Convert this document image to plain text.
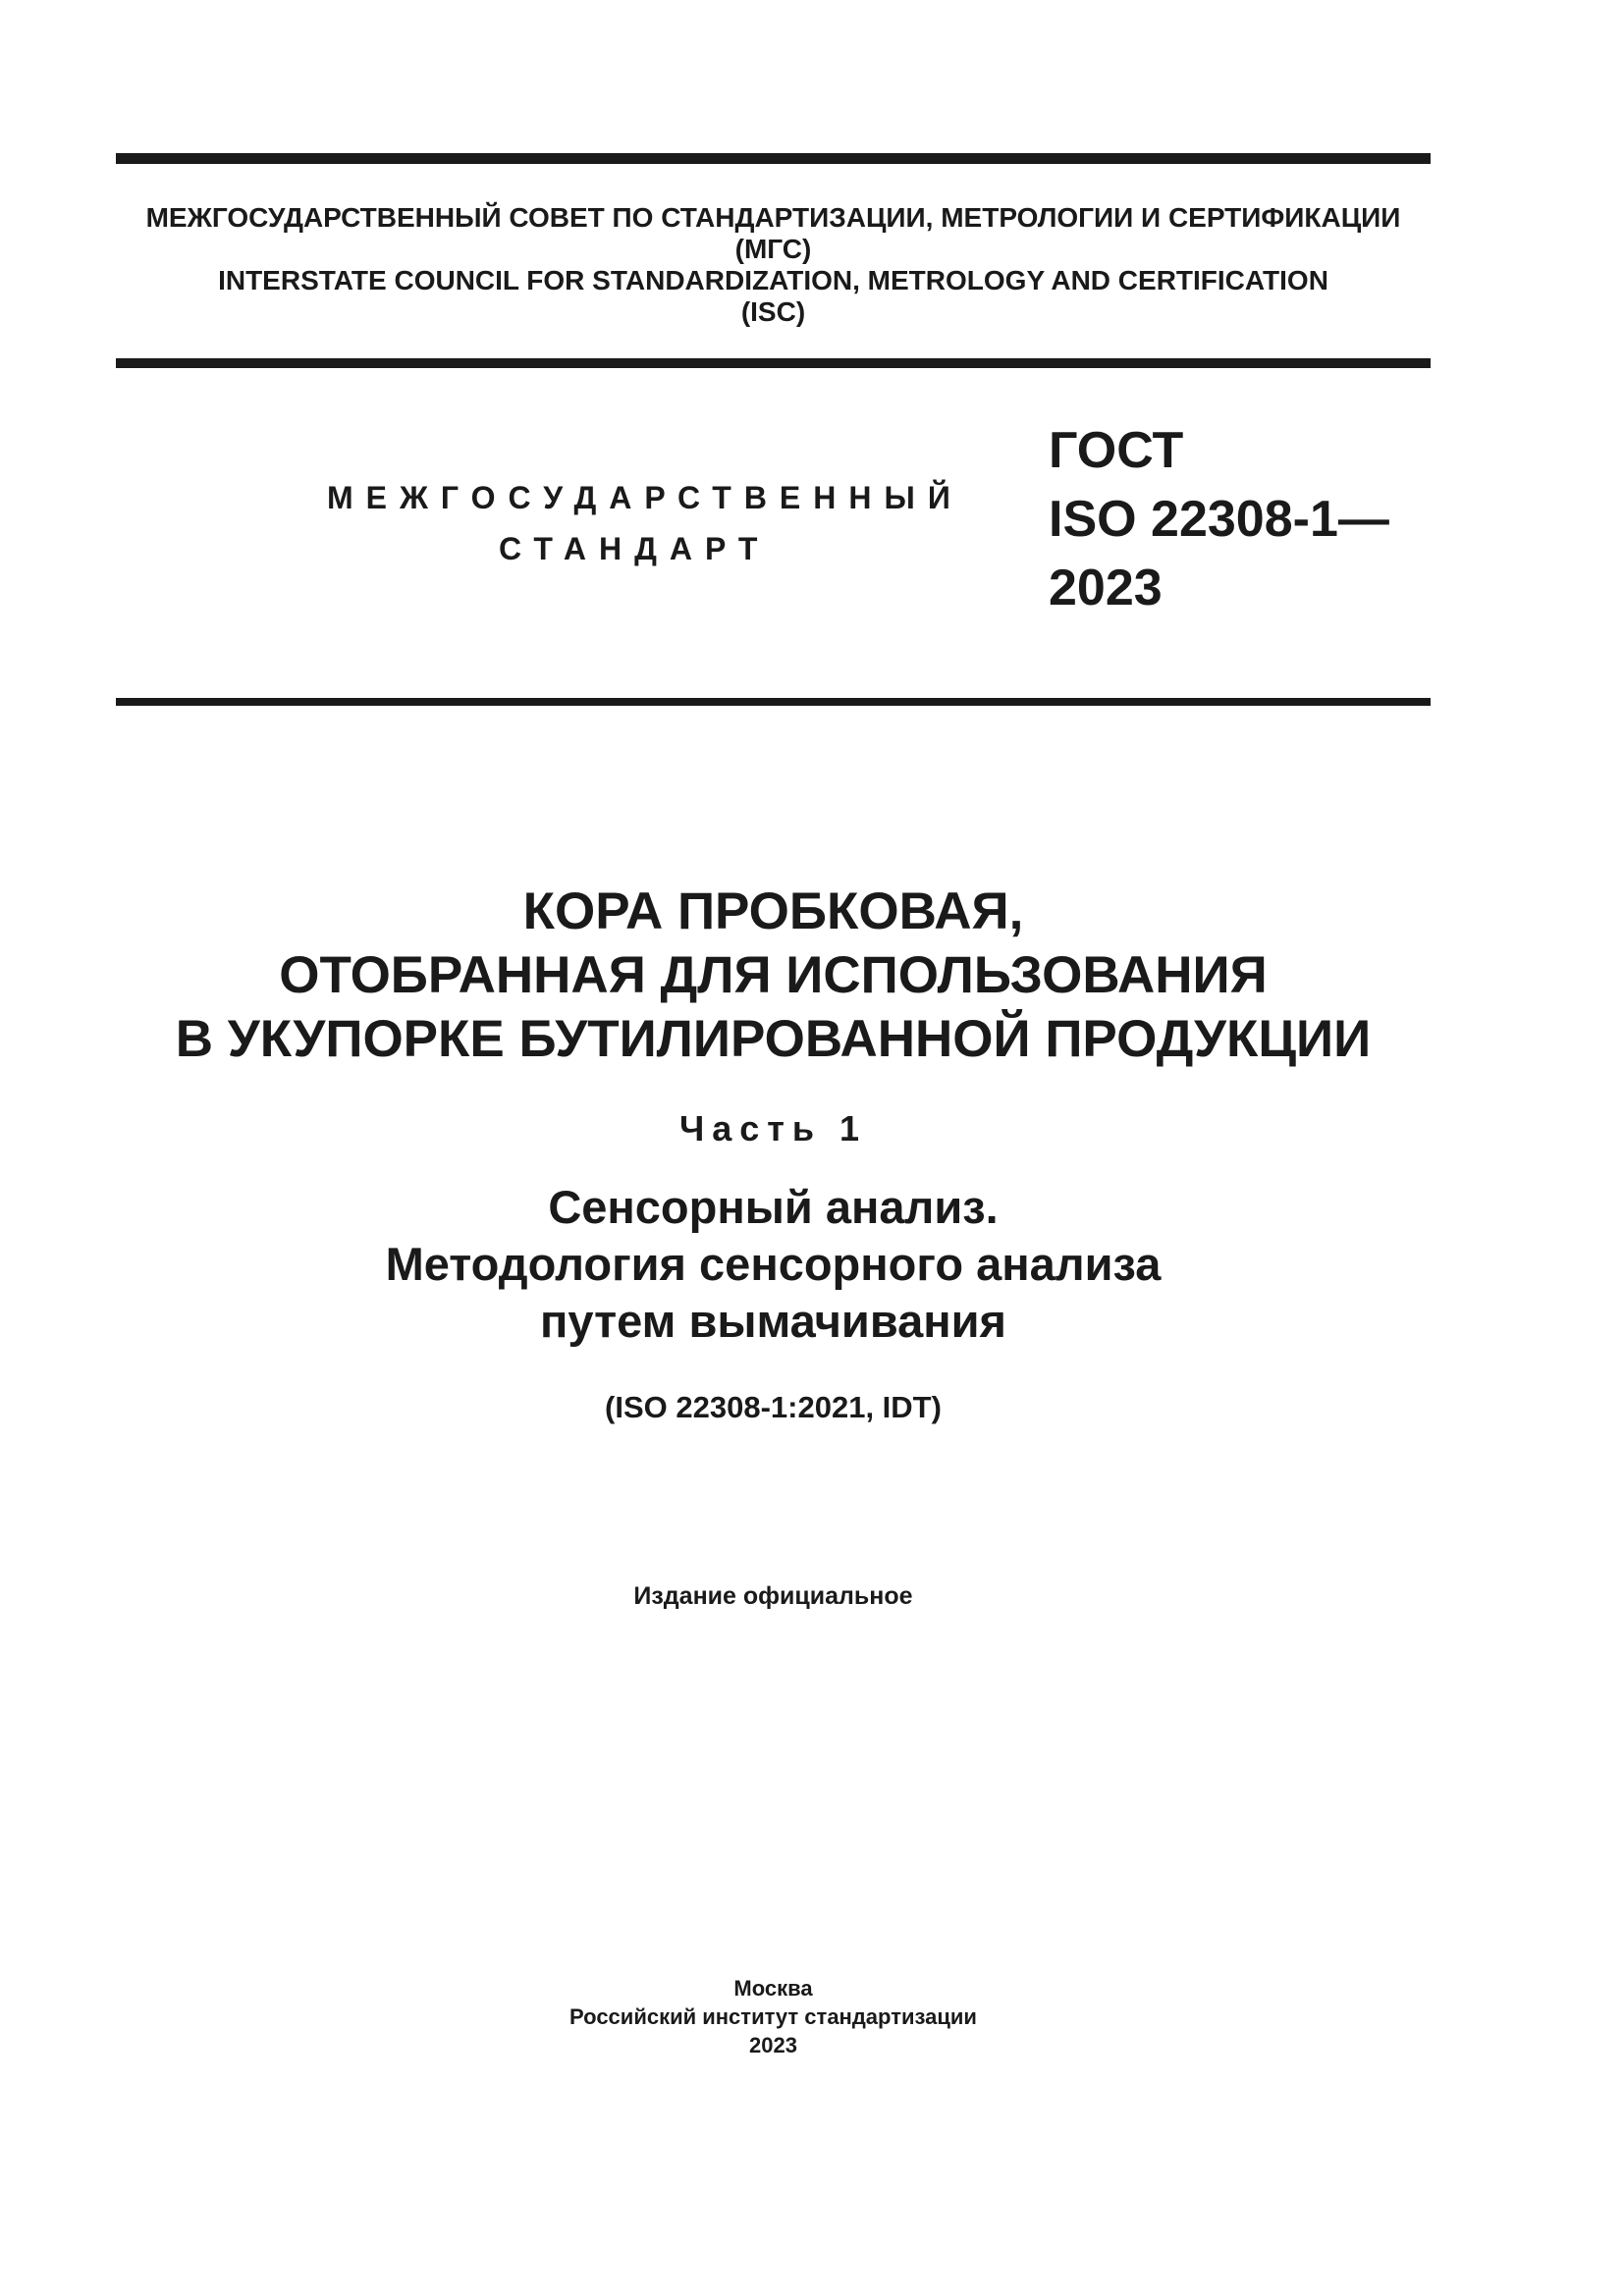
МЕЖГОСУДАРСТВЕННЫЙ СОВЕТ ПО СТАНДАРТИЗАЦИИ, МЕТРОЛОГИИ И СЕРТИФИКАЦИИ
(МГС)
INTERSTATE COUNCIL FOR STANDARDIZATION, METROLOGY AND CERTIFICATION
(ISC)
МЕЖГОСУДАРСТВЕННЫЙ
СТАНДАРТ
ГОСТ
ISO 22308-1—
2023
КОРА ПРОБКОВАЯ,
ОТОБРАННАЯ ДЛЯ ИСПОЛЬЗОВАНИЯ
В УКУПОРКЕ БУТИЛИРОВАННОЙ ПРОДУКЦИИ
Часть 1
Сенсорный анализ.
Методология сенсорного анализа
путем вымачивания
(ISO 22308-1:2021, IDT)
Издание официальное
Москва
Российский институт стандартизации
2023
